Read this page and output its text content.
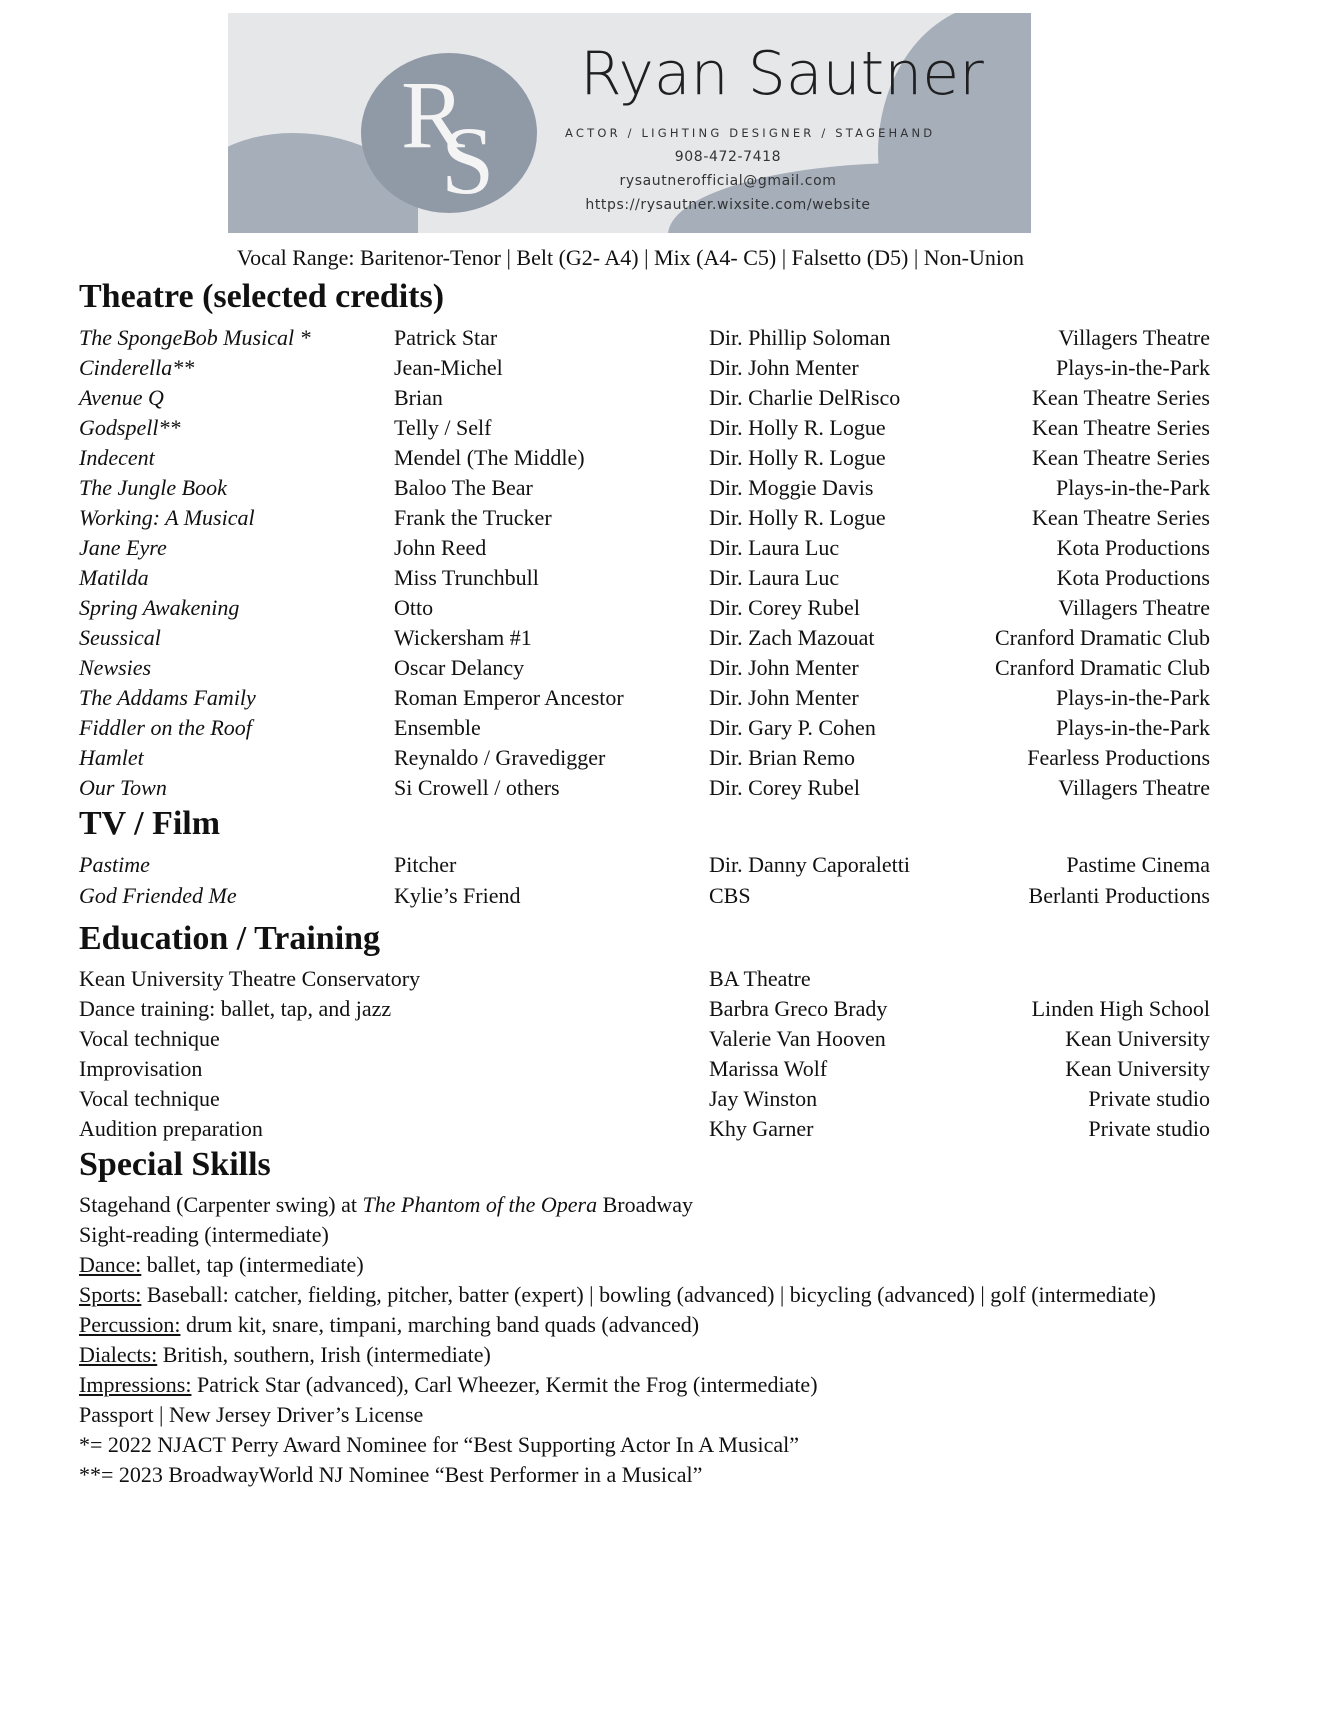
R
S
Ryan Sautner
ACTOR / LIGHTING DESIGNER / STAGEHAND
908-472-7418
rysautnerofficial@gmail.com
https://rysautner.wixsite.com/website
Vocal Range: Baritenor-Tenor | Belt (G2- A4) | Mix (A4- C5) | Falsetto (D5) | Non-Union
Theatre (selected credits)
The SpongeBob Musical *	Patrick Star	Dir. Phillip Soloman	Villagers Theatre
Cinderella**	Jean-Michel	Dir. John Menter	Plays-in-the-Park
Avenue Q	Brian	Dir. Charlie DelRisco	Kean Theatre Series
Godspell**	Telly / Self	Dir. Holly R. Logue	Kean Theatre Series
Indecent	Mendel (The Middle)	Dir. Holly R. Logue	Kean Theatre Series
The Jungle Book	Baloo The Bear	Dir. Moggie Davis	Plays-in-the-Park
Working: A Musical	Frank the Trucker	Dir. Holly R. Logue	Kean Theatre Series
Jane Eyre	John Reed	Dir. Laura Luc	Kota Productions
Matilda	Miss Trunchbull	Dir. Laura Luc	Kota Productions
Spring Awakening	Otto	Dir. Corey Rubel	Villagers Theatre
Seussical	Wickersham #1	Dir. Zach Mazouat	Cranford Dramatic Club
Newsies	Oscar Delancy	Dir. John Menter	Cranford Dramatic Club
The Addams Family	Roman Emperor Ancestor	Dir. John Menter	Plays-in-the-Park
Fiddler on the Roof	Ensemble	Dir. Gary P. Cohen	Plays-in-the-Park
Hamlet	Reynaldo / Gravedigger	Dir. Brian Remo	Fearless Productions
Our Town	Si Crowell / others	Dir. Corey Rubel	Villagers Theatre
TV / Film
Pastime	Pitcher	Dir. Danny Caporaletti	Pastime Cinema
God Friended Me	Kylie’s Friend	CBS	Berlanti Productions
Education / Training
Kean University Theatre Conservatory	BA Theatre
Dance training: ballet, tap, and jazz	Barbra Greco Brady	Linden High School
Vocal technique	Valerie Van Hooven	Kean University
Improvisation	Marissa Wolf	Kean University
Vocal technique	Jay Winston	Private studio
Audition preparation	Khy Garner	Private studio
Special Skills
Stagehand (Carpenter swing) at The Phantom of the Opera Broadway
Sight-reading (intermediate)
Dance: ballet, tap (intermediate)
Sports: Baseball: catcher, fielding, pitcher, batter (expert) | bowling (advanced) | bicycling (advanced) | golf (intermediate)
Percussion: drum kit, snare, timpani, marching band quads (advanced)
Dialects: British, southern, Irish (intermediate)
Impressions: Patrick Star (advanced), Carl Wheezer, Kermit the Frog (intermediate)
Passport | New Jersey Driver’s License
*= 2022 NJACT Perry Award Nominee for “Best Supporting Actor In A Musical”
**= 2023 BroadwayWorld NJ Nominee “Best Performer in a Musical”
